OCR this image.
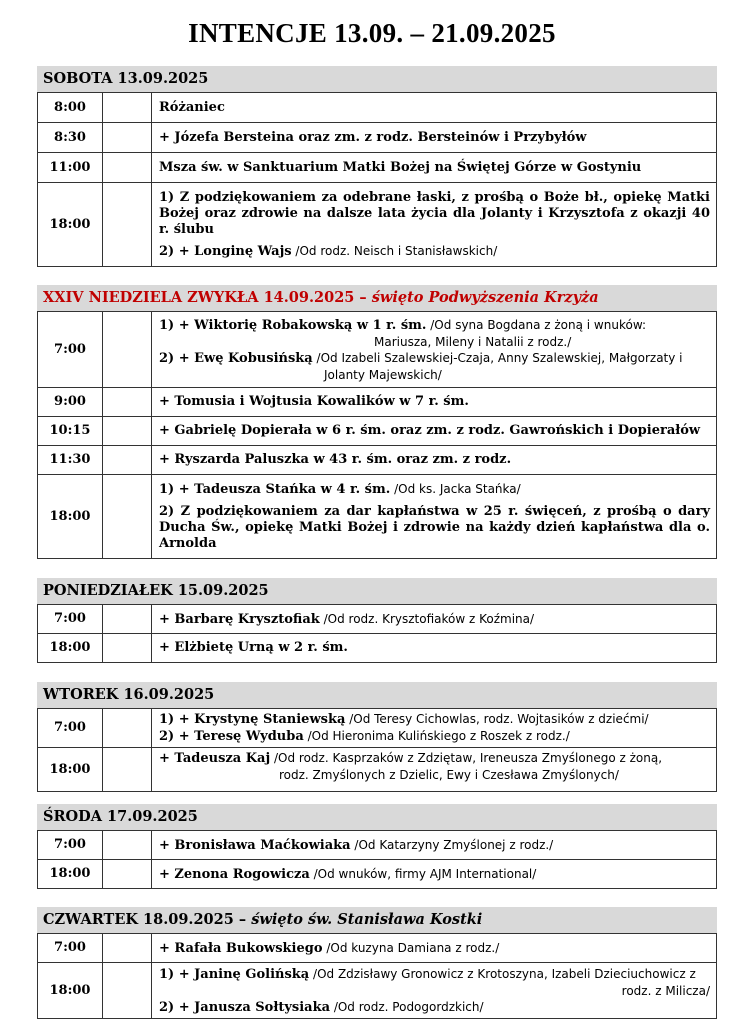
INTENCJE 13.09. – 21.09.2025
SOBOTA 13.09.2025
8:00		Różaniec
8:30		+ Józefa Bersteina oraz zm. z rodz. Bersteinów i Przybyłów
11:00		Msza św. w Sanktuarium Matki Bożej na Świętej Górze w Gostyniu
18:00		1) Z podziękowaniem za odebrane łaski, z prośbą o Boże bł., opiekę Matki Bożej oraz zdrowie na dalsze lata życia dla Jolanty i Krzysztofa z okazji 40 r. ślubu

2) + Longinę Wajs /Od rodz. Neisch i Stanisławskich/

XXIV NIEDZIELA ZWYKŁA 14.09.2025 – święto Podwyższenia Krzyża
7:00		1) + Wiktorię Robakowską w 1 r. śm. /Od syna Bogdana z żoną i wnuków:

Mariusza, Mileny i Natalii z rodz./

2) + Ewę Kobusińską /Od Izabeli Szalewskiej-Czaja, Anny Szalewskiej, Małgorzaty i

Jolanty Majewskich/

9:00		+ Tomusia i Wojtusia Kowalików w 7 r. śm.
10:15		+ Gabrielę Dopierała w 6 r. śm. oraz zm. z rodz. Gawrońskich i Dopierałów
11:30		+ Ryszarda Paluszka w 43 r. śm. oraz zm. z rodz.
18:00		1) + Tadeusza Stańka w 4 r. śm. /Od ks. Jacka Stańka/

2) Z podziękowaniem za dar kapłaństwa w 25 r. święceń, z prośbą o dary Ducha Św., opiekę Matki Bożej i zdrowie na każdy dzień kapłaństwa dla o. Arnolda

PONIEDZIAŁEK 15.09.2025
7:00		+ Barbarę Krysztofiak /Od rodz. Krysztofiaków z Koźmina/
18:00		+ Elżbietę Urną w 2 r. śm.
WTOREK 16.09.2025
7:00		1) + Krystynę Staniewską /Od Teresy Cichowlas, rodz. Wojtasików z dziećmi/

2) + Teresę Wyduba /Od Hieronima Kulińskiego z Roszek z rodz./

18:00		+ Tadeusza Kaj /Od rodz. Kasprzaków z Zdziętaw, Ireneusza Zmyślonego z żoną,

rodz. Zmyślonych z Dzielic, Ewy i Czesława Zmyślonych/

ŚRODA 17.09.2025
7:00		+ Bronisława Maćkowiaka /Od Katarzyny Zmyślonej z rodz./
18:00		+ Zenona Rogowicza /Od wnuków, firmy AJM International/
CZWARTEK 18.09.2025 – święto św. Stanisława Kostki
7:00		+ Rafała Bukowskiego /Od kuzyna Damiana z rodz./
18:00		1) + Janinę Golińską /Od Zdzisławy Gronowicz z Krotoszyna, Izabeli Dzieciuchowicz z

rodz. z Milicza/

2) + Janusza Sołtysiaka /Od rodz. Podogordzkich/
